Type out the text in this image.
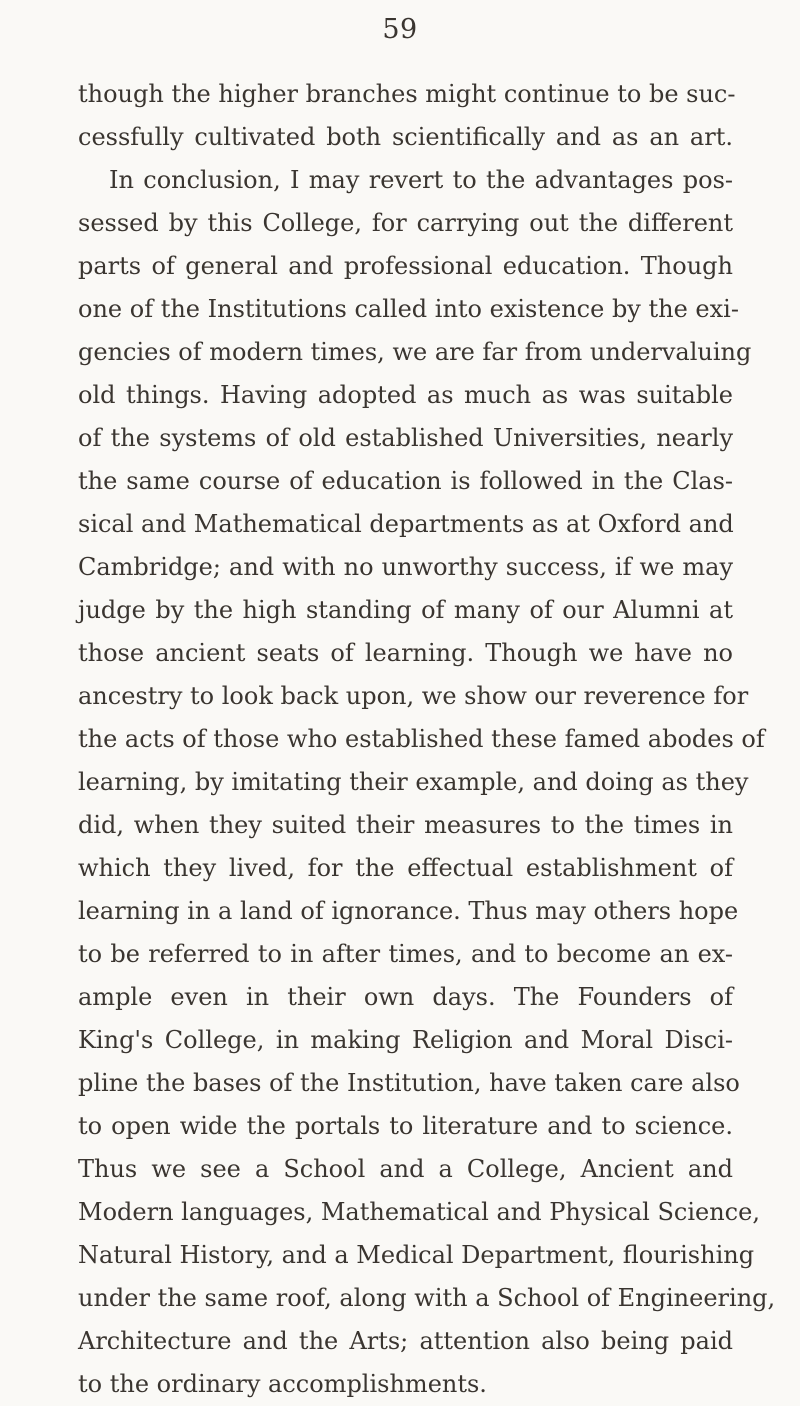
59
though the higher branches might continue to be suc-
cessfully cultivated both scientifically and as an art.
In conclusion, I may revert to the advantages pos-
sessed by this College, for carrying out the different
parts of general and professional education. Though
one of the Institutions called into existence by the exi-
gencies of modern times, we are far from undervaluing
old things. Having adopted as much as was suitable
of the systems of old established Universities, nearly
the same course of education is followed in the Clas-
sical and Mathematical departments as at Oxford and
Cambridge; and with no unworthy success, if we may
judge by the high standing of many of our Alumni at
those ancient seats of learning. Though we have no
ancestry to look back upon, we show our reverence for
the acts of those who established these famed abodes of
learning, by imitating their example, and doing as they
did, when they suited their measures to the times in
which they lived, for the effectual establishment of
learning in a land of ignorance. Thus may others hope
to be referred to in after times, and to become an ex-
ample even in their own days. The Founders of
King's College, in making Religion and Moral Disci-
pline the bases of the Institution, have taken care also
to open wide the portals to literature and to science.
Thus we see a School and a College, Ancient and
Modern languages, Mathematical and Physical Science,
Natural History, and a Medical Department, flourishing
under the same roof, along with a School of Engineering,
Architecture and the Arts; attention also being paid
to the ordinary accomplishments.
